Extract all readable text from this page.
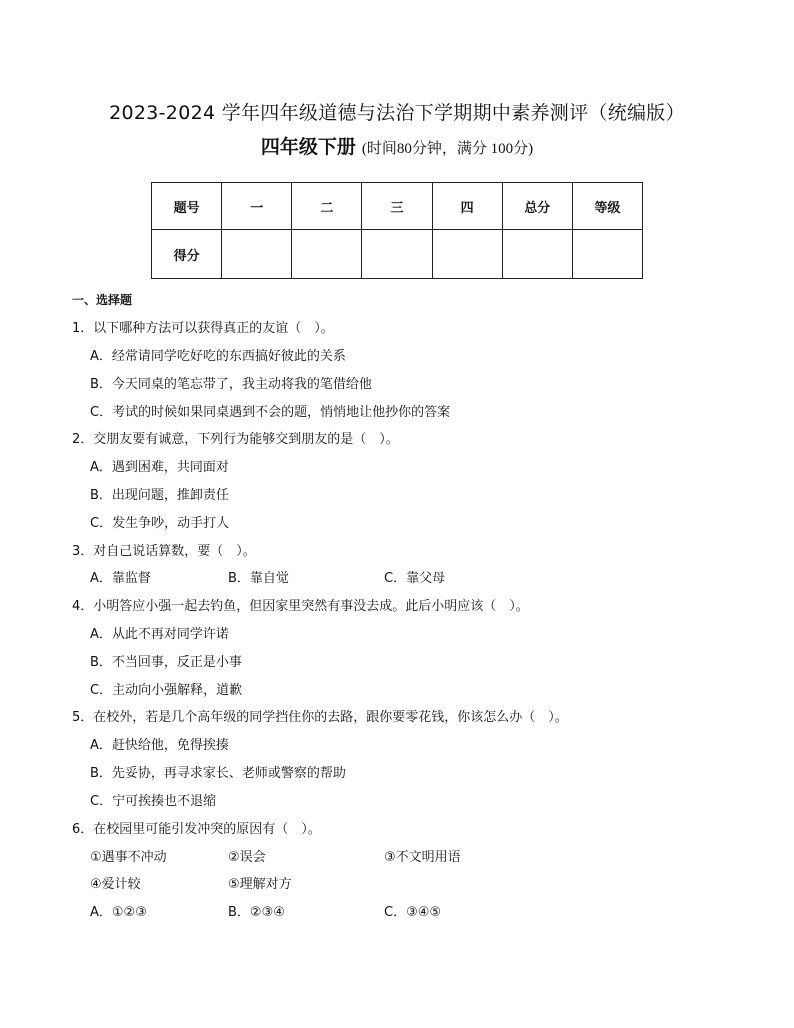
2023-2024 学年四年级道德与法治下学期期中素养测评（统编版）
四年级下册 (时间80分钟，满分 100分)
题号	一	二	三	四	总分	等级
得分						
一、选择题
1．以下哪种方法可以获得真正的友谊（　）。
A．经常请同学吃好吃的东西搞好彼此的关系
B．今天同桌的笔忘带了，我主动将我的笔借给他
C．考试的时候如果同桌遇到不会的题，悄悄地让他抄你的答案
2．交朋友要有诚意，下列行为能够交到朋友的是（　）。
A．遇到困难，共同面对
B．出现问题，推卸责任
C．发生争吵，动手打人
3．对自己说话算数，要（　）。
A．靠监督	B．靠自觉	C．靠父母
4．小明答应小强一起去钓鱼，但因家里突然有事没去成。此后小明应该（　）。
A．从此不再对同学许诺
B．不当回事，反正是小事
C．主动向小强解释，道歉
5．在校外，若是几个高年级的同学挡住你的去路，跟你要零花钱，你该怎么办（　）。
A．赶快给他，免得挨揍
B．先妥协，再寻求家长、老师或警察的帮助
C．宁可挨揍也不退缩
6．在校园里可能引发冲突的原因有（　）。
①遇事不冲动	②误会	③不文明用语
④爱计较	⑤理解对方
A．①②③	B．②③④	C．③④⑤
